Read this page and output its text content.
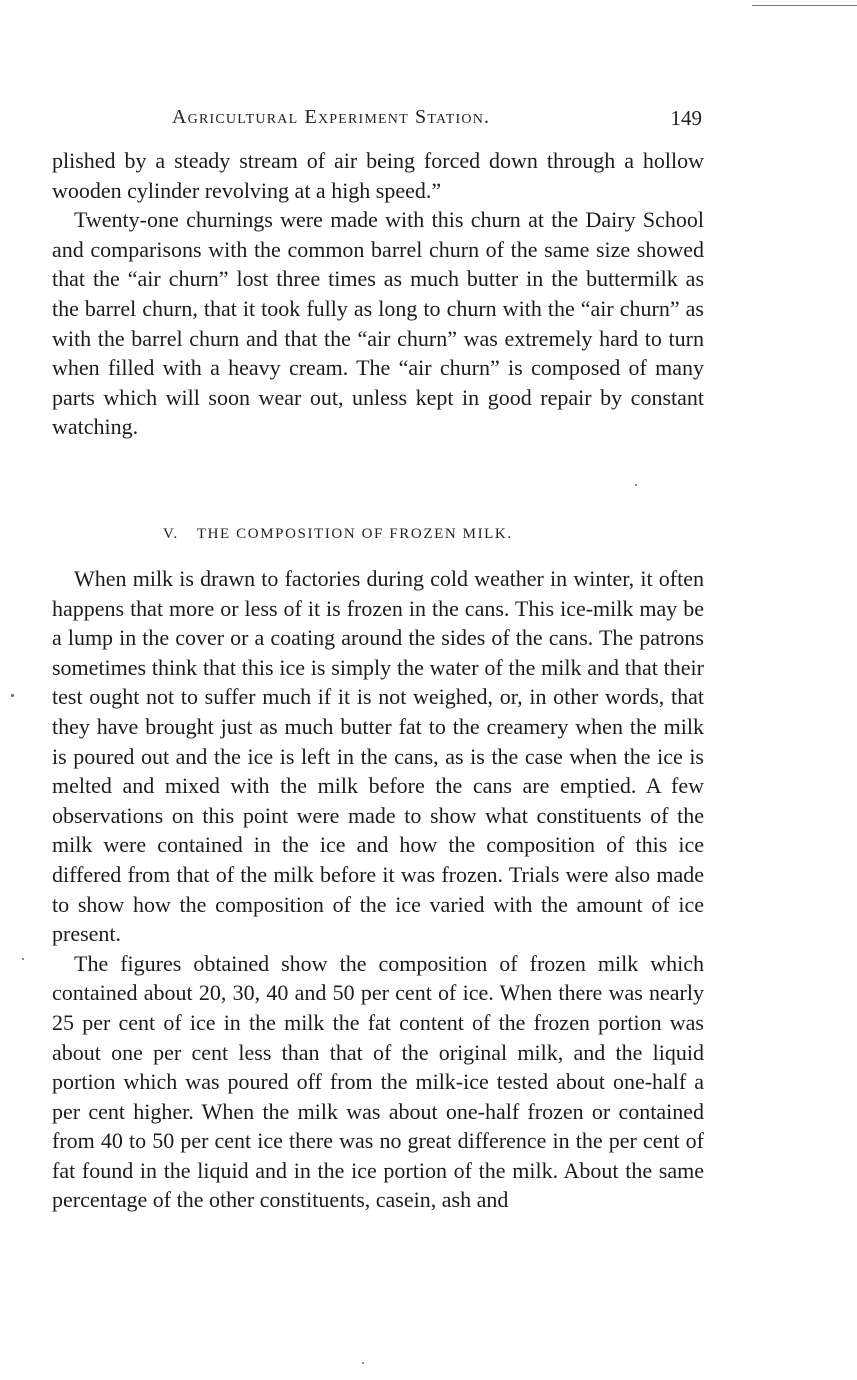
Agricultural Experiment Station.	149

plished by a steady stream of air being forced down through a hollow wooden cylinder revolving at a high speed.”

Twenty-one churnings were made with this churn at the Dairy School and comparisons with the common barrel churn of the same size showed that the “air churn” lost three times as much butter in the buttermilk as the barrel churn, that it took fully as long to churn with the “air churn” as with the barrel churn and that the “air churn” was extremely hard to turn when filled with a heavy cream. The “air churn” is composed of many parts which will soon wear out, unless kept in good repair by constant watching.

V. THE COMPOSITION OF FROZEN MILK.

When milk is drawn to factories during cold weather in winter, it often happens that more or less of it is frozen in the cans. This ice-milk may be a lump in the cover or a coating around the sides of the cans. The patrons sometimes think that this ice is simply the water of the milk and that their test ought not to suffer much if it is not weighed, or, in other words, that they have brought just as much butter fat to the creamery when the milk is poured out and the ice is left in the cans, as is the case when the ice is melted and mixed with the milk before the cans are emptied. A few observations on this point were made to show what constituents of the milk were contained in the ice and how the composition of this ice differed from that of the milk before it was frozen. Trials were also made to show how the composition of the ice varied with the amount of ice present.

The figures obtained show the composition of frozen milk which contained about 20, 30, 40 and 50 per cent of ice. When there was nearly 25 per cent of ice in the milk the fat content of the frozen portion was about one per cent less than that of the original milk, and the liquid portion which was poured off from the milk-ice tested about one-half a per cent higher. When the milk was about one-half frozen or contained from 40 to 50 per cent ice there was no great difference in the per cent of fat found in the liquid and in the ice portion of the milk. About the same percentage of the other constituents, casein, ash and
